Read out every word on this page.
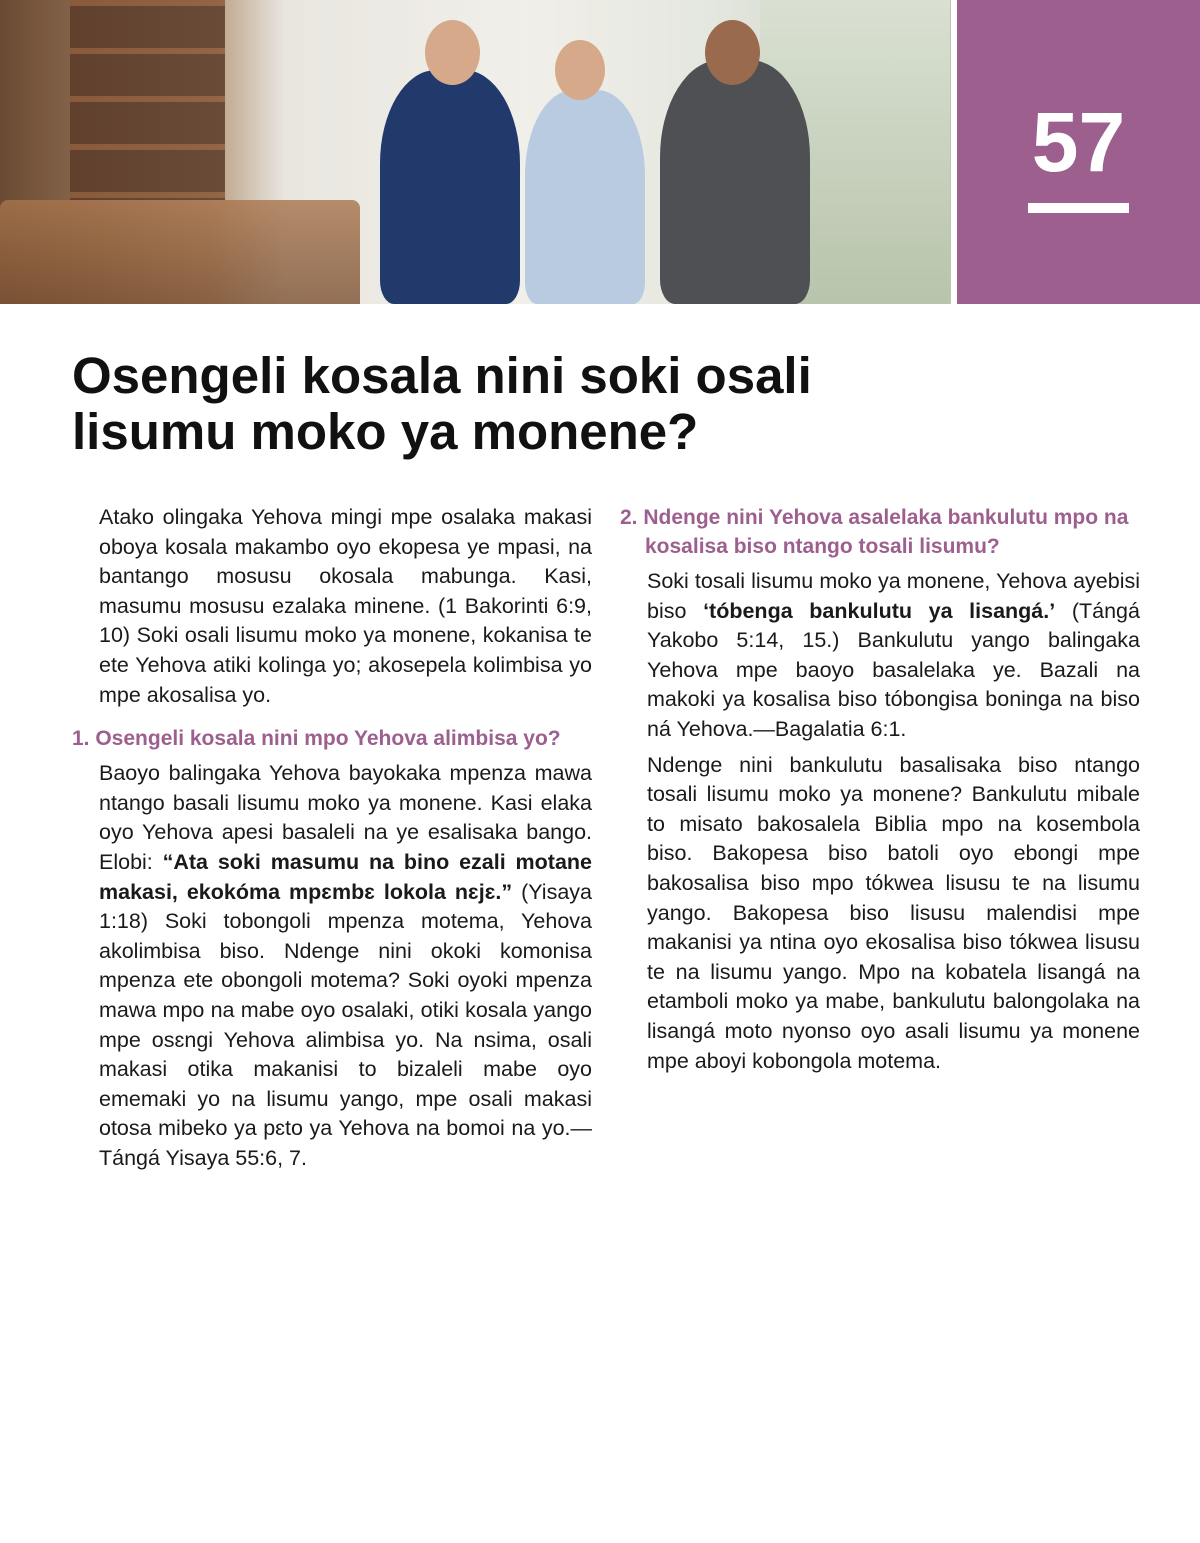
57
Osengeli kosala nini soki osali lisumu moko ya monene?

Atako olingaka Yehova mingi mpe osalaka makasi oboya kosala makambo oyo ekopesa ye mpasi, na bantango mosusu okosala mabunga. Kasi, masumu mosusu ezalaka minene. (1 Bakorinti 6:9, 10) Soki osali lisumu moko ya monene, kokanisa te ete Yehova atiki kolinga yo; akosepela kolimbisa yo mpe akosalisa yo.

1. Osengeli kosala nini mpo Yehova alimbisa yo?

Baoyo balingaka Yehova bayokaka mpenza mawa ntango basali lisumu moko ya monene. Kasi elaka oyo Yehova apesi basaleli na ye esalisaka bango. Elobi: “Ata soki masumu na bino ezali motane makasi, ekokóma mpɛmbɛ lokola nɛjɛ.” (Yisaya 1:18) Soki tobongoli mpenza motema, Yehova akolimbisa biso. Ndenge nini okoki komonisa mpenza ete obongoli motema? Soki oyoki mpenza mawa mpo na mabe oyo osalaki, otiki kosala yango mpe osɛngi Yehova alimbisa yo. Na nsima, osali makasi otika makanisi to bizaleli mabe oyo ememaki yo na lisumu yango, mpe osali makasi otosa mibeko ya pɛto ya Yehova na bomoi na yo.—Tángá Yisaya 55:6, 7.

2. Ndenge nini Yehova asalelaka bankulutu mpo na kosalisa biso ntango tosali lisumu?

Soki tosali lisumu moko ya monene, Yehova ayebisi biso ‘tóbenga bankulutu ya lisangá.’ (Tángá Yakobo 5:14, 15.) Bankulutu yango balingaka Yehova mpe baoyo basalelaka ye. Bazali na makoki ya kosalisa biso tóbongisa boninga na biso ná Yehova.—Bagalatia 6:1.

Ndenge nini bankulutu basalisaka biso ntango tosali lisumu moko ya monene? Bankulutu mibale to misato bakosalela Biblia mpo na kosembola biso. Bakopesa biso batoli oyo ebongi mpe bakosalisa biso mpo tókwea lisusu te na lisumu yango. Bakopesa biso lisusu malendisi mpe makanisi ya ntina oyo ekosalisa biso tókwea lisusu te na lisumu yango. Mpo na kobatela lisangá na etamboli moko ya mabe, bankulutu balongolaka na lisangá moto nyonso oyo asali lisumu ya monene mpe aboyi kobongola motema.
